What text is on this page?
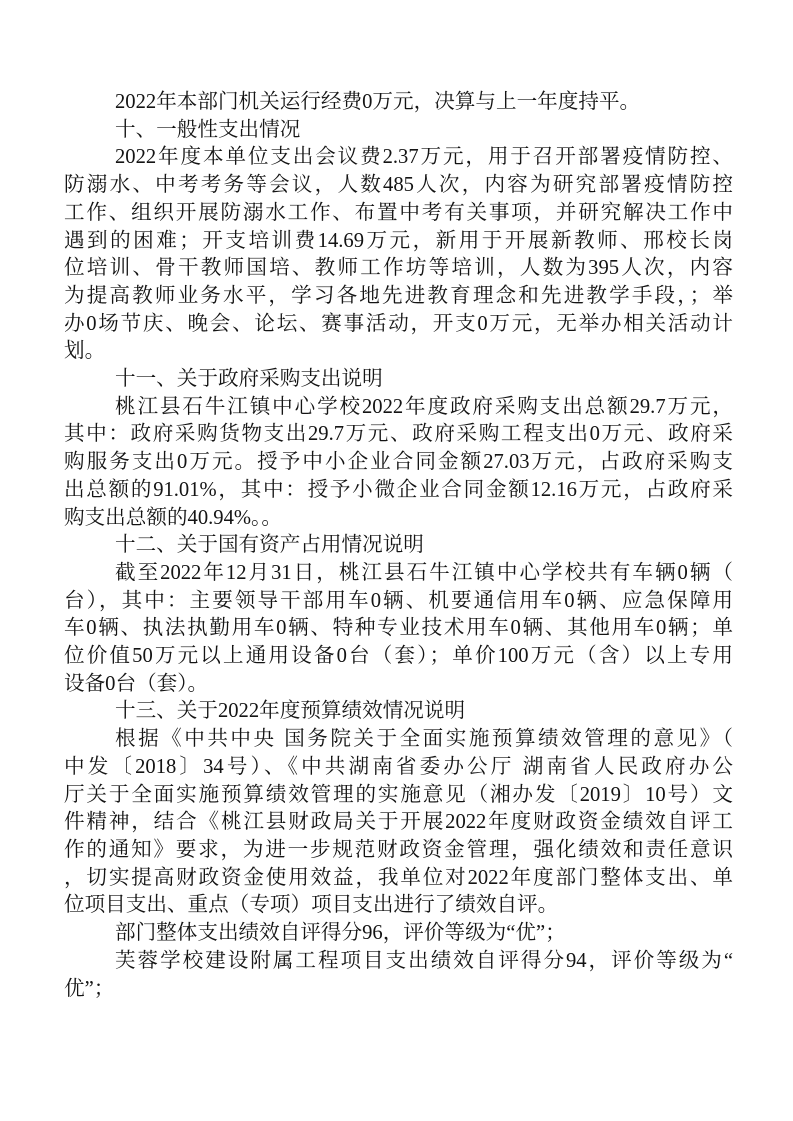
2022年本部门机关运行经费0万元，决算与上一年度持平。
十、一般性支出情况
2022年度本单位支出会议费2.37万元，用于召开部署疫情防控、
防溺水、中考考务等会议，人数485人次，内容为研究部署疫情防控
工作、组织开展防溺水工作、布置中考有关事项，并研究解决工作中
遇到的困难；开支培训费14.69万元，新用于开展新教师、邢校长岗
位培训、骨干教师国培、教师工作坊等培训，人数为395人次，内容
为提高教师业务水平，学习各地先进教育理念和先进教学手段，；举
办0场节庆、晚会、论坛、赛事活动，开支0万元，无举办相关活动计
划。
十一、关于政府采购支出说明
桃江县石牛江镇中心学校2022年度政府采购支出总额29.7万元，
其中：政府采购货物支出29.7万元、政府采购工程支出0万元、政府采
购服务支出0万元。授予中小企业合同金额27.03万元，占政府采购支
出总额的91.01%，其中：授予小微企业合同金额12.16万元，占政府采
购支出总额的40.94%。。
十二、关于国有资产占用情况说明
截至2022年12月31日，桃江县石牛江镇中心学校共有车辆0辆（
台），其中：主要领导干部用车0辆、机要通信用车0辆、应急保障用
车0辆、执法执勤用车0辆、特种专业技术用车0辆、其他用车0辆；单
位价值50万元以上通用设备0台（套）；单价100万元（含）以上专用
设备0台（套）。
十三、关于2022年度预算绩效情况说明
根据《中共中央 国务院关于全面实施预算绩效管理的意见》（
中发〔2018〕34号）、《中共湖南省委办公厅 湖南省人民政府办公
厅关于全面实施预算绩效管理的实施意见（湘办发〔2019〕10号）文
件精神，结合《桃江县财政局关于开展2022年度财政资金绩效自评工
作的通知》要求，为进一步规范财政资金管理，强化绩效和责任意识
，切实提高财政资金使用效益，我单位对2022年度部门整体支出、单
位项目支出、重点（专项）项目支出进行了绩效自评。
部门整体支出绩效自评得分96，评价等级为“优”；
芙蓉学校建设附属工程项目支出绩效自评得分94，评价等级为“
优”；
